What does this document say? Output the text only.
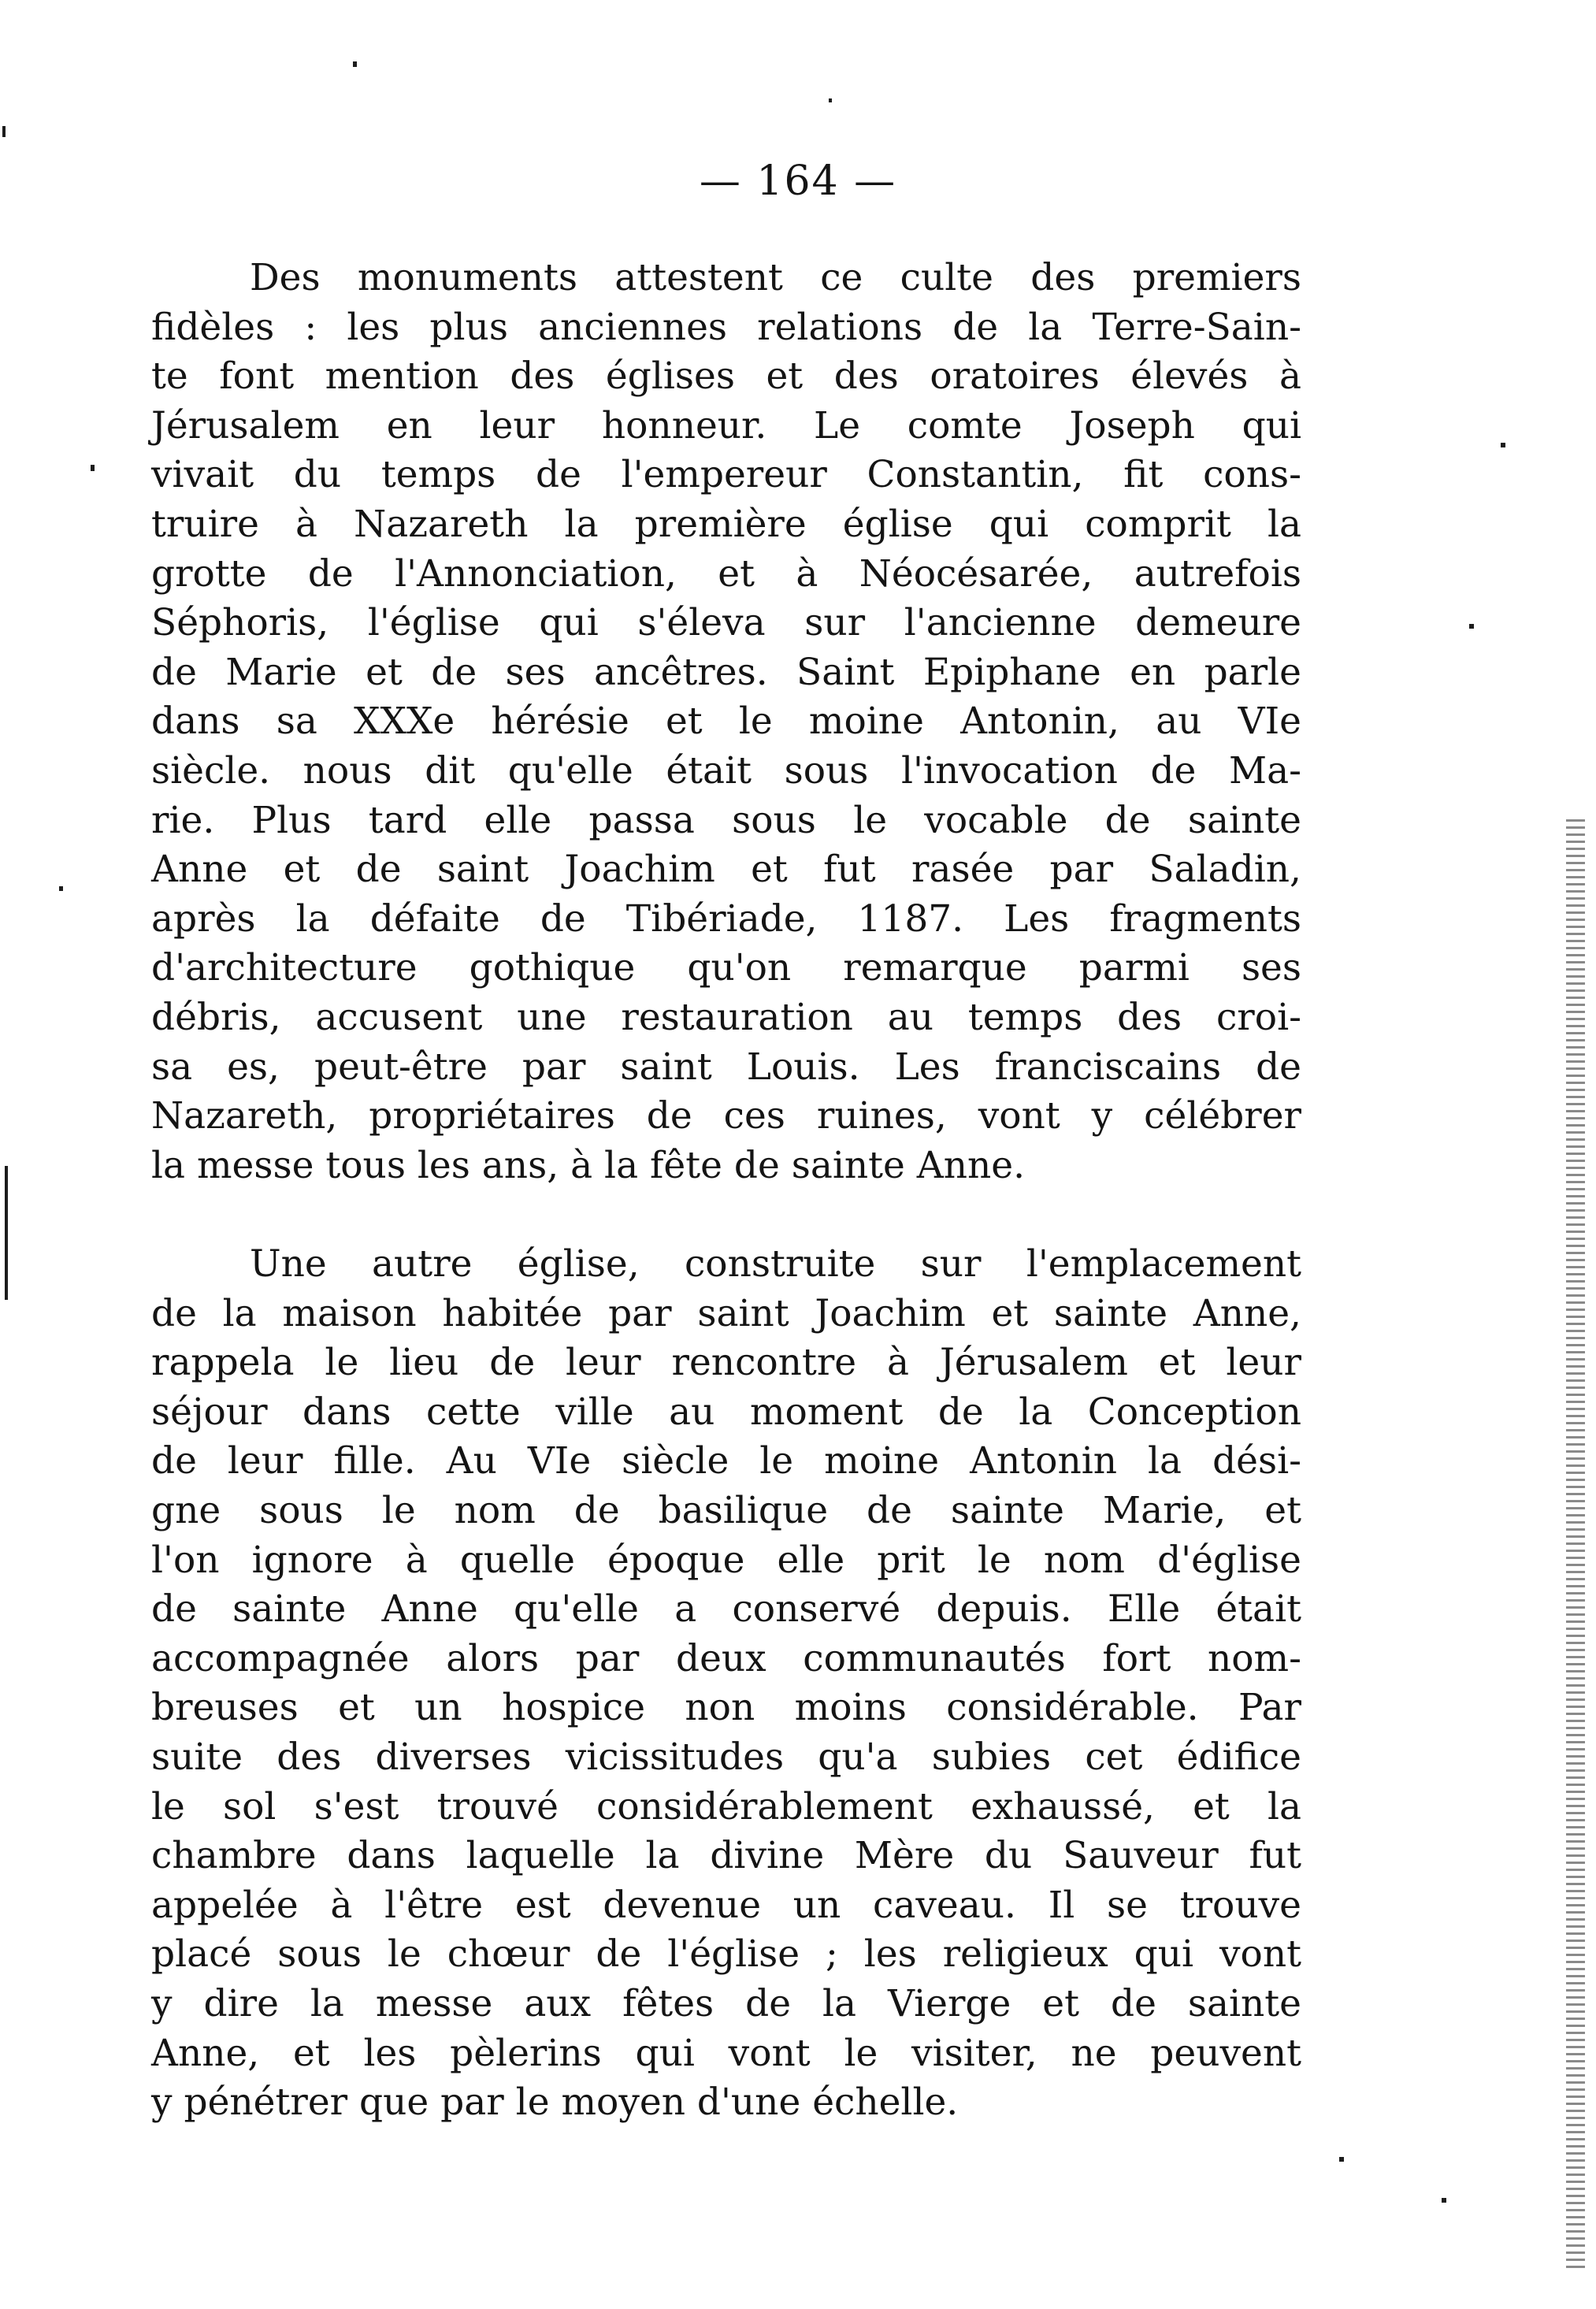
— 164 —
Des monuments attestent ce culte des premiers
fidèles : les plus anciennes relations de la Terre-Sain-
te font mention des églises et des oratoires élevés à
Jérusalem en leur honneur. Le comte Joseph qui
vivait du temps de l'empereur Constantin, fit cons-
truire à Nazareth la première église qui comprit la
grotte de l'Annonciation, et à Néocésarée, autrefois
Séphoris, l'église qui s'éleva sur l'ancienne demeure
de Marie et de ses ancêtres. Saint Epiphane en parle
dans sa XXXe hérésie et le moine Antonin, au VIe
siècle. nous dit qu'elle était sous l'invocation de Ma-
rie. Plus tard elle passa sous le vocable de sainte
Anne et de saint Joachim et fut rasée par Saladin,
après la défaite de Tibériade, 1187. Les fragments
d'architecture gothique qu'on remarque parmi ses
débris, accusent une restauration au temps des croi-
sa es, peut-être par saint Louis. Les franciscains de
Nazareth, propriétaires de ces ruines, vont y célébrer
la messe tous les ans, à la fête de sainte Anne.
Une autre église, construite sur l'emplacement
de la maison habitée par saint Joachim et sainte Anne,
rappela le lieu de leur rencontre à Jérusalem et leur
séjour dans cette ville au moment de la Conception
de leur fille. Au VIe siècle le moine Antonin la dési-
gne sous le nom de basilique de sainte Marie, et
l'on ignore à quelle époque elle prit le nom d'église
de sainte Anne qu'elle a conservé depuis. Elle était
accompagnée alors par deux communautés fort nom-
breuses et un hospice non moins considérable. Par
suite des diverses vicissitudes qu'a subies cet édifice
le sol s'est trouvé considérablement exhaussé, et la
chambre dans laquelle la divine Mère du Sauveur fut
appelée à l'être est devenue un caveau. Il se trouve
placé sous le chœur de l'église ; les religieux qui vont
y dire la messe aux fêtes de la Vierge et de sainte
Anne, et les pèlerins qui vont le visiter, ne peuvent
y pénétrer que par le moyen d'une échelle.
